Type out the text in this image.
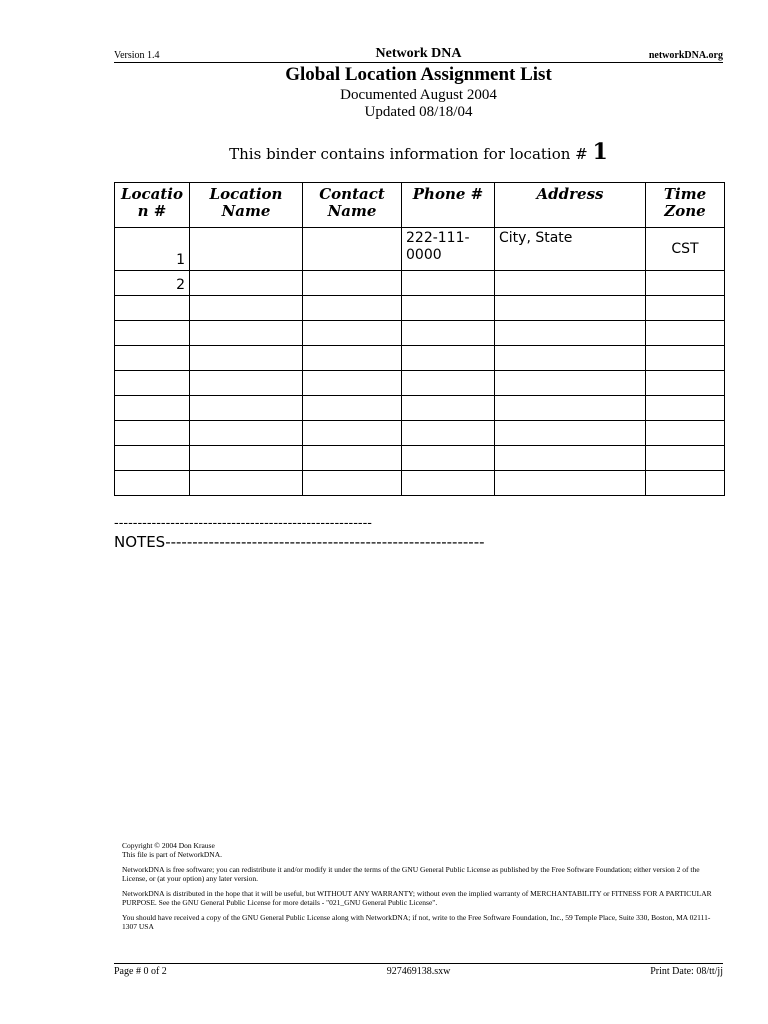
Version 1.4	Network DNA	networkDNA.org
Global Location Assignment List
Documented August 2004
Updated 08/18/04
This binder contains information for location # 1
Locatio n #	Location Name	Contact Name	Phone #	Address	Time Zone
1			222-111-0000	City, State	CST
2					

-------------------------------------------------------
NOTES-----------------------------------------------------------

Copyright © 2004 Don Krause
This file is part of NetworkDNA.

NetworkDNA is free software; you can redistribute it and/or modify it under the terms of the GNU General Public License as published by the Free Software Foundation; either version 2 of the License, or (at your option) any later version.

NetworkDNA is distributed in the hope that it will be useful, but WITHOUT ANY WARRANTY; without even the implied warranty of MERCHANTABILITY or FITNESS FOR A PARTICULAR PURPOSE. See the GNU General Public License for more details - "021_GNU General Public License".

You should have received a copy of the GNU General Public License along with NetworkDNA; if not, write to the Free Software Foundation, Inc., 59 Temple Place, Suite 330, Boston, MA 02111-1307 USA

Page # 0 of 2	927469138.sxw	Print Date: 08/tt/jj
